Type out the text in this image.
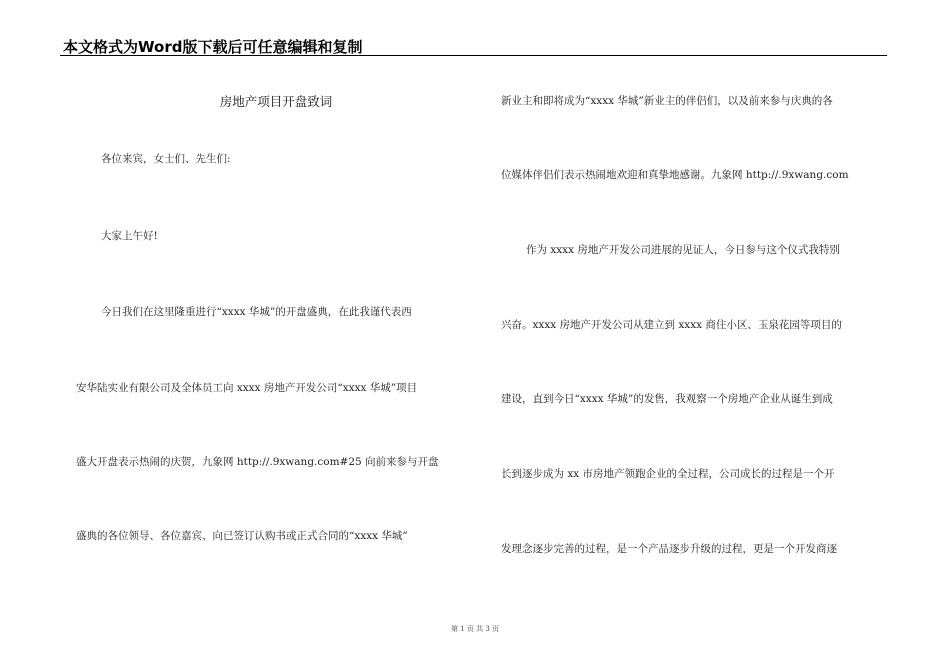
本文格式为Word版下载后可任意编辑和复制
房地产项目开盘致词
各位来宾，女士们、先生们:
大家上午好!
今日我们在这里隆重进行“xxxx 华城”的开盘盛典，在此我谨代表西
安华陆实业有限公司及全体员工向 xxxx 房地产开发公司“xxxx 华城”项目
盛大开盘表示热闹的庆贺，九象网 http://.9xwang.com#25 向前来参与开盘
盛典的各位领导、各位嘉宾、向已签订认购书或正式合同的“xxxx 华城”
新业主和即将成为“xxxx 华城”新业主的伴侣们，以及前来参与庆典的各
位媒体伴侣们表示热闹地欢迎和真挚地感谢。九象网 http://.9xwang.com
作为 xxxx 房地产开发公司进展的见证人，今日参与这个仪式我特别
兴奋。xxxx 房地产开发公司从建立到 xxxx 商住小区、玉泉花园等项目的
建设，直到今日“xxxx 华城”的发售，我观察一个房地产企业从诞生到成
长到逐步成为 xx 市房地产领跑企业的全过程，公司成长的过程是一个开
发理念逐步完善的过程，是一个产品逐步升级的过程，更是一个开发商逐
第 1 页 共 3 页
